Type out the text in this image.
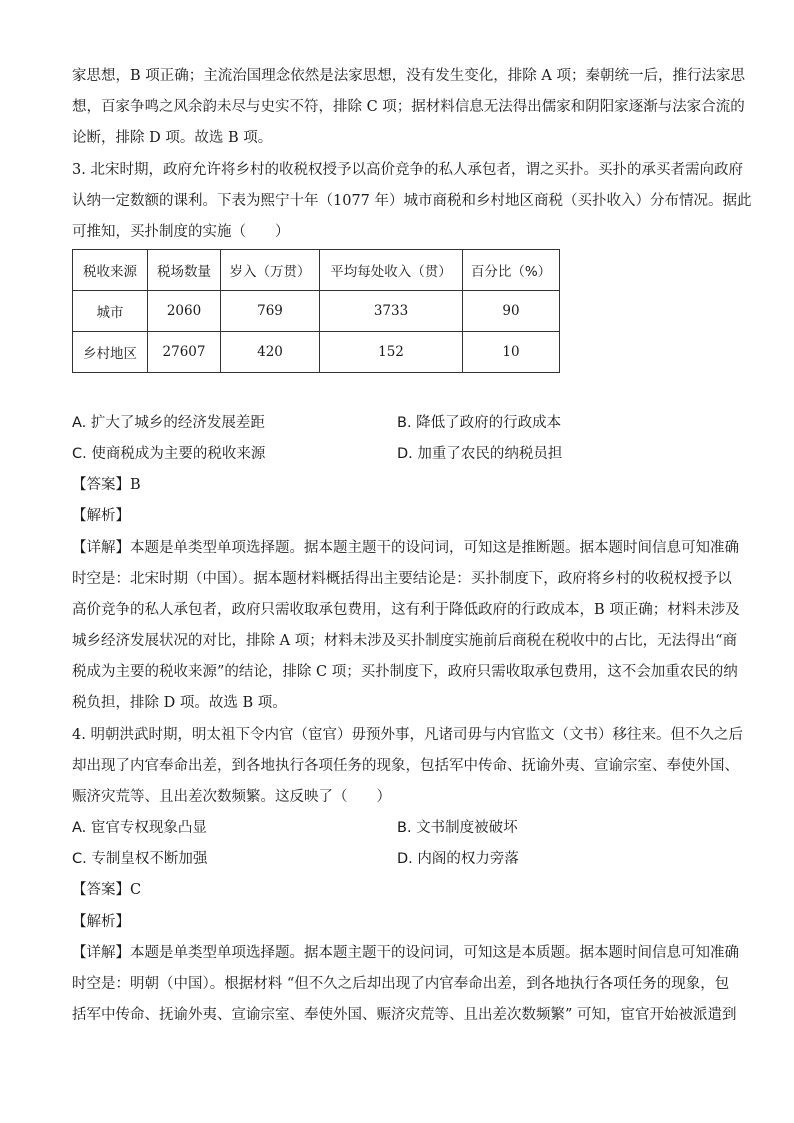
家思想，B 项正确；主流治国理念依然是法家思想，没有发生变化，排除 A 项；秦朝统一后，推行法家思
想，百家争鸣之风余韵未尽与史实不符，排除 C 项；据材料信息无法得出儒家和阴阳家逐渐与法家合流的
论断，排除 D 项。故选 B 项。
3. 北宋时期，政府允许将乡村的收税权授予以高价竞争的私人承包者，谓之买扑。买扑的承买者需向政府
认纳一定数额的课利。下表为熙宁十年（1077 年）城市商税和乡村地区商税（买扑收入）分布情况。据此
可推知，买扑制度的实施（　　）
税收来源	税场数量	岁入（万贯）	平均每处收入（贯）	百分比（%）
城市	2060	769	3733	90
乡村地区	27607	420	152	10
A. 扩大了城乡的经济发展差距	B. 降低了政府的行政成本
C. 使商税成为主要的税收来源	D. 加重了农民的纳税员担
【答案】B
【解析】
【详解】本题是单类型单项选择题。据本题主题干的设问词，可知这是推断题。据本题时间信息可知准确
时空是：北宋时期（中国）。据本题材料概括得出主要结论是：买扑制度下，政府将乡村的收税权授予以
高价竞争的私人承包者，政府只需收取承包费用，这有利于降低政府的行政成本，B 项正确；材料未涉及
城乡经济发展状况的对比，排除 A 项；材料未涉及买扑制度实施前后商税在税收中的占比，无法得出“商
税成为主要的税收来源”的结论，排除 C 项；买扑制度下，政府只需收取承包费用，这不会加重农民的纳
税负担，排除 D 项。故选 B 项。
4. 明朝洪武时期，明太祖下令内官（宦官）毋预外事，凡诸司毋与内官监文（文书）移往来。但不久之后
却出现了内官奉命出差，到各地执行各项任务的现象，包括军中传命、抚谕外夷、宣谕宗室、奉使外国、
赈济灾荒等、且出差次数频繁。这反映了（　　）
A. 宦官专权现象凸显	B. 文书制度被破坏
C. 专制皇权不断加强	D. 内阁的权力旁落
【答案】C
【解析】
【详解】本题是单类型单项选择题。据本题主题干的设问词，可知这是本质题。据本题时间信息可知准确
时空是：明朝（中国）。根据材料 “但不久之后却出现了内官奉命出差，到各地执行各项任务的现象，包
括军中传命、抚谕外夷、宣谕宗室、奉使外国、赈济灾荒等、且出差次数频繁” 可知，宦官开始被派遣到
